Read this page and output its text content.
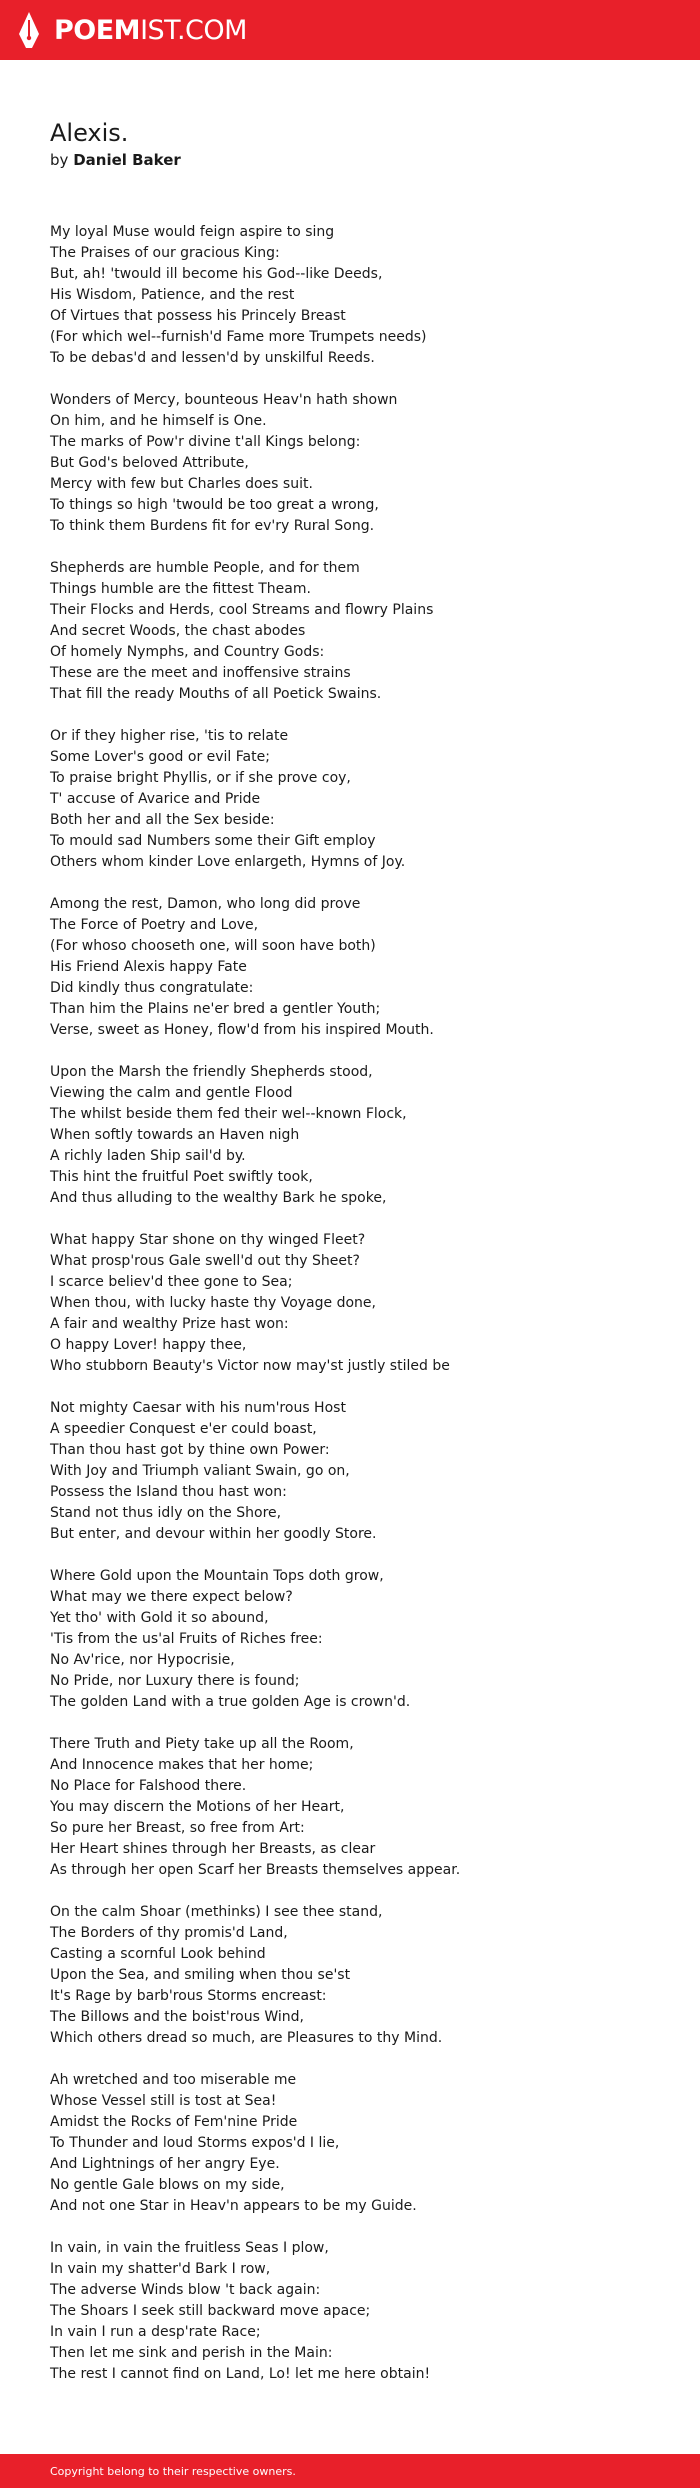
POEMIST.COM
Alexis.
by Daniel Baker
My loyal Muse would feign aspire to sing
The Praises of our gracious King:
But, ah! 'twould ill become his God--like Deeds,
His Wisdom, Patience, and the rest
Of Virtues that possess his Princely Breast
(For which wel--furnish'd Fame more Trumpets needs)
To be debas'd and lessen'd by unskilful Reeds.
Wonders of Mercy, bounteous Heav'n hath shown
On him, and he himself is One.
The marks of Pow'r divine t'all Kings belong:
But God's beloved Attribute,
Mercy with few but Charles does suit.
To things so high 'twould be too great a wrong,
To think them Burdens fit for ev'ry Rural Song.
Shepherds are humble People, and for them
Things humble are the fittest Theam.
Their Flocks and Herds, cool Streams and flowry Plains
And secret Woods, the chast abodes
Of homely Nymphs, and Country Gods:
These are the meet and inoffensive strains
That fill the ready Mouths of all Poetick Swains.
Or if they higher rise, 'tis to relate
Some Lover's good or evil Fate;
To praise bright Phyllis, or if she prove coy,
T' accuse of Avarice and Pride
Both her and all the Sex beside:
To mould sad Numbers some their Gift employ
Others whom kinder Love enlargeth, Hymns of Joy.
Among the rest, Damon, who long did prove
The Force of Poetry and Love,
(For whoso chooseth one, will soon have both)
His Friend Alexis happy Fate
Did kindly thus congratulate:
Than him the Plains ne'er bred a gentler Youth;
Verse, sweet as Honey, flow'd from his inspired Mouth.
Upon the Marsh the friendly Shepherds stood,
Viewing the calm and gentle Flood
The whilst beside them fed their wel--known Flock,
When softly towards an Haven nigh
A richly laden Ship sail'd by.
This hint the fruitful Poet swiftly took,
And thus alluding to the wealthy Bark he spoke,
What happy Star shone on thy winged Fleet?
What prosp'rous Gale swell'd out thy Sheet?
I scarce believ'd thee gone to Sea;
When thou, with lucky haste thy Voyage done,
A fair and wealthy Prize hast won:
O happy Lover! happy thee,
Who stubborn Beauty's Victor now may'st justly stiled be
Not mighty Caesar with his num'rous Host
A speedier Conquest e'er could boast,
Than thou hast got by thine own Power:
With Joy and Triumph valiant Swain, go on,
Possess the Island thou hast won:
Stand not thus idly on the Shore,
But enter, and devour within her goodly Store.
Where Gold upon the Mountain Tops doth grow,
What may we there expect below?
Yet tho' with Gold it so abound,
'Tis from the us'al Fruits of Riches free:
No Av'rice, nor Hypocrisie,
No Pride, nor Luxury there is found;
The golden Land with a true golden Age is crown'd.
There Truth and Piety take up all the Room,
And Innocence makes that her home;
No Place for Falshood there.
You may discern the Motions of her Heart,
So pure her Breast, so free from Art:
Her Heart shines through her Breasts, as clear
As through her open Scarf her Breasts themselves appear.
On the calm Shoar (methinks) I see thee stand,
The Borders of thy promis'd Land,
Casting a scornful Look behind
Upon the Sea, and smiling when thou se'st
It's Rage by barb'rous Storms encreast:
The Billows and the boist'rous Wind,
Which others dread so much, are Pleasures to thy Mind.
Ah wretched and too miserable me
Whose Vessel still is tost at Sea!
Amidst the Rocks of Fem'nine Pride
To Thunder and loud Storms expos'd I lie,
And Lightnings of her angry Eye.
No gentle Gale blows on my side,
And not one Star in Heav'n appears to be my Guide.
In vain, in vain the fruitless Seas I plow,
In vain my shatter'd Bark I row,
The adverse Winds blow 't back again:
The Shoars I seek still backward move apace;
In vain I run a desp'rate Race;
Then let me sink and perish in the Main:
The rest I cannot find on Land, Lo! let me here obtain!
Copyright belong to their respective owners.
